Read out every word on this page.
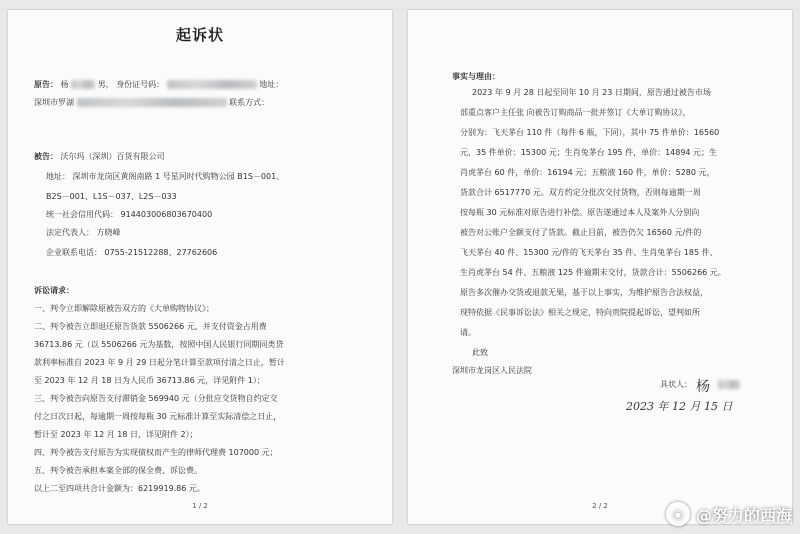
起诉状
原告： 杨	男， 身份证号码：	地址：
深圳市罗湖	联系方式：
被告： 沃尔玛（深圳）百货有限公司
地址： 深圳市龙岗区黄阁南路 1 号星河时代购物公园 B1S－001、
B2S－001、L1S－037、L2S－033
统一社会信用代码： 914403006803670400
法定代表人： 方晓峰
企业联系电话： 0755-21512288、27762606
诉讼请求：
一、判令立即解除原被告双方的《大单购物协议》；
二、判令被告立即退还原告货款 5506266 元，并支付资金占用费
36713.86 元（以 5506266 元为基数，按照中国人民银行同期同类贷
款利率标准自 2023 年 9 月 29 日起分笔计算至款项付清之日止，暂计
至 2023 年 12 月 18 日为人民币 36713.86 元，详见附件 1）；
三、判令被告向原告支付滞销金 569940 元（分批应交货物自约定交
付之日次日起，每逾期一周按每瓶 30 元标准计算至实际清偿之日止，
暂计至 2023 年 12 月 18 日，详见附件 2）；
四、判令被告支付原告为实现债权而产生的律师代理费 107000 元；
五、判令被告承担本案全部的保全费、诉讼费。
以上二至四项共合计金额为：6219919.86 元。
1 / 2
事实与理由：
2023 年 9 月 28 日起至同年 10 月 23 日期间，原告通过被告市场
部重点客户主任张 向被告订购商品一批并签订《大单订购协议》，
分别为：飞天茅台 110 件（每件 6 瓶，下同），其中 75 件单价：16560
元，35 件单价：15300 元；生肖兔茅台 195 件，单价：14894 元；生
肖虎茅台 60 件，单价：16194 元；五粮液 160 件，单价：5280 元，
货款合计 6517770 元。双方约定分批次交付货物，否则每逾期一周
按每瓶 30 元标准对原告进行补偿。原告遂通过本人及案外人分别向
被告对公账户全额支付了货款。截止目前，被告仍欠 16560 元/件的
飞天茅台 40 件、15300 元/件的飞天茅台 35 件、生肖兔茅台 185 件、
生肖虎茅台 54 件、五粮液 125 件逾期未交付，货款合计：5506266 元。
原告多次催办交货或退款无果，基于以上事实，为维护原告合法权益，
现特依据《民事诉讼法》相关之规定，特向贵院提起诉讼，望判如所
请。
此致
深圳市龙岗区人民法院
具状人： 杨
2023 年 12 月 15 日
2 / 2
◉ @努力的西海
